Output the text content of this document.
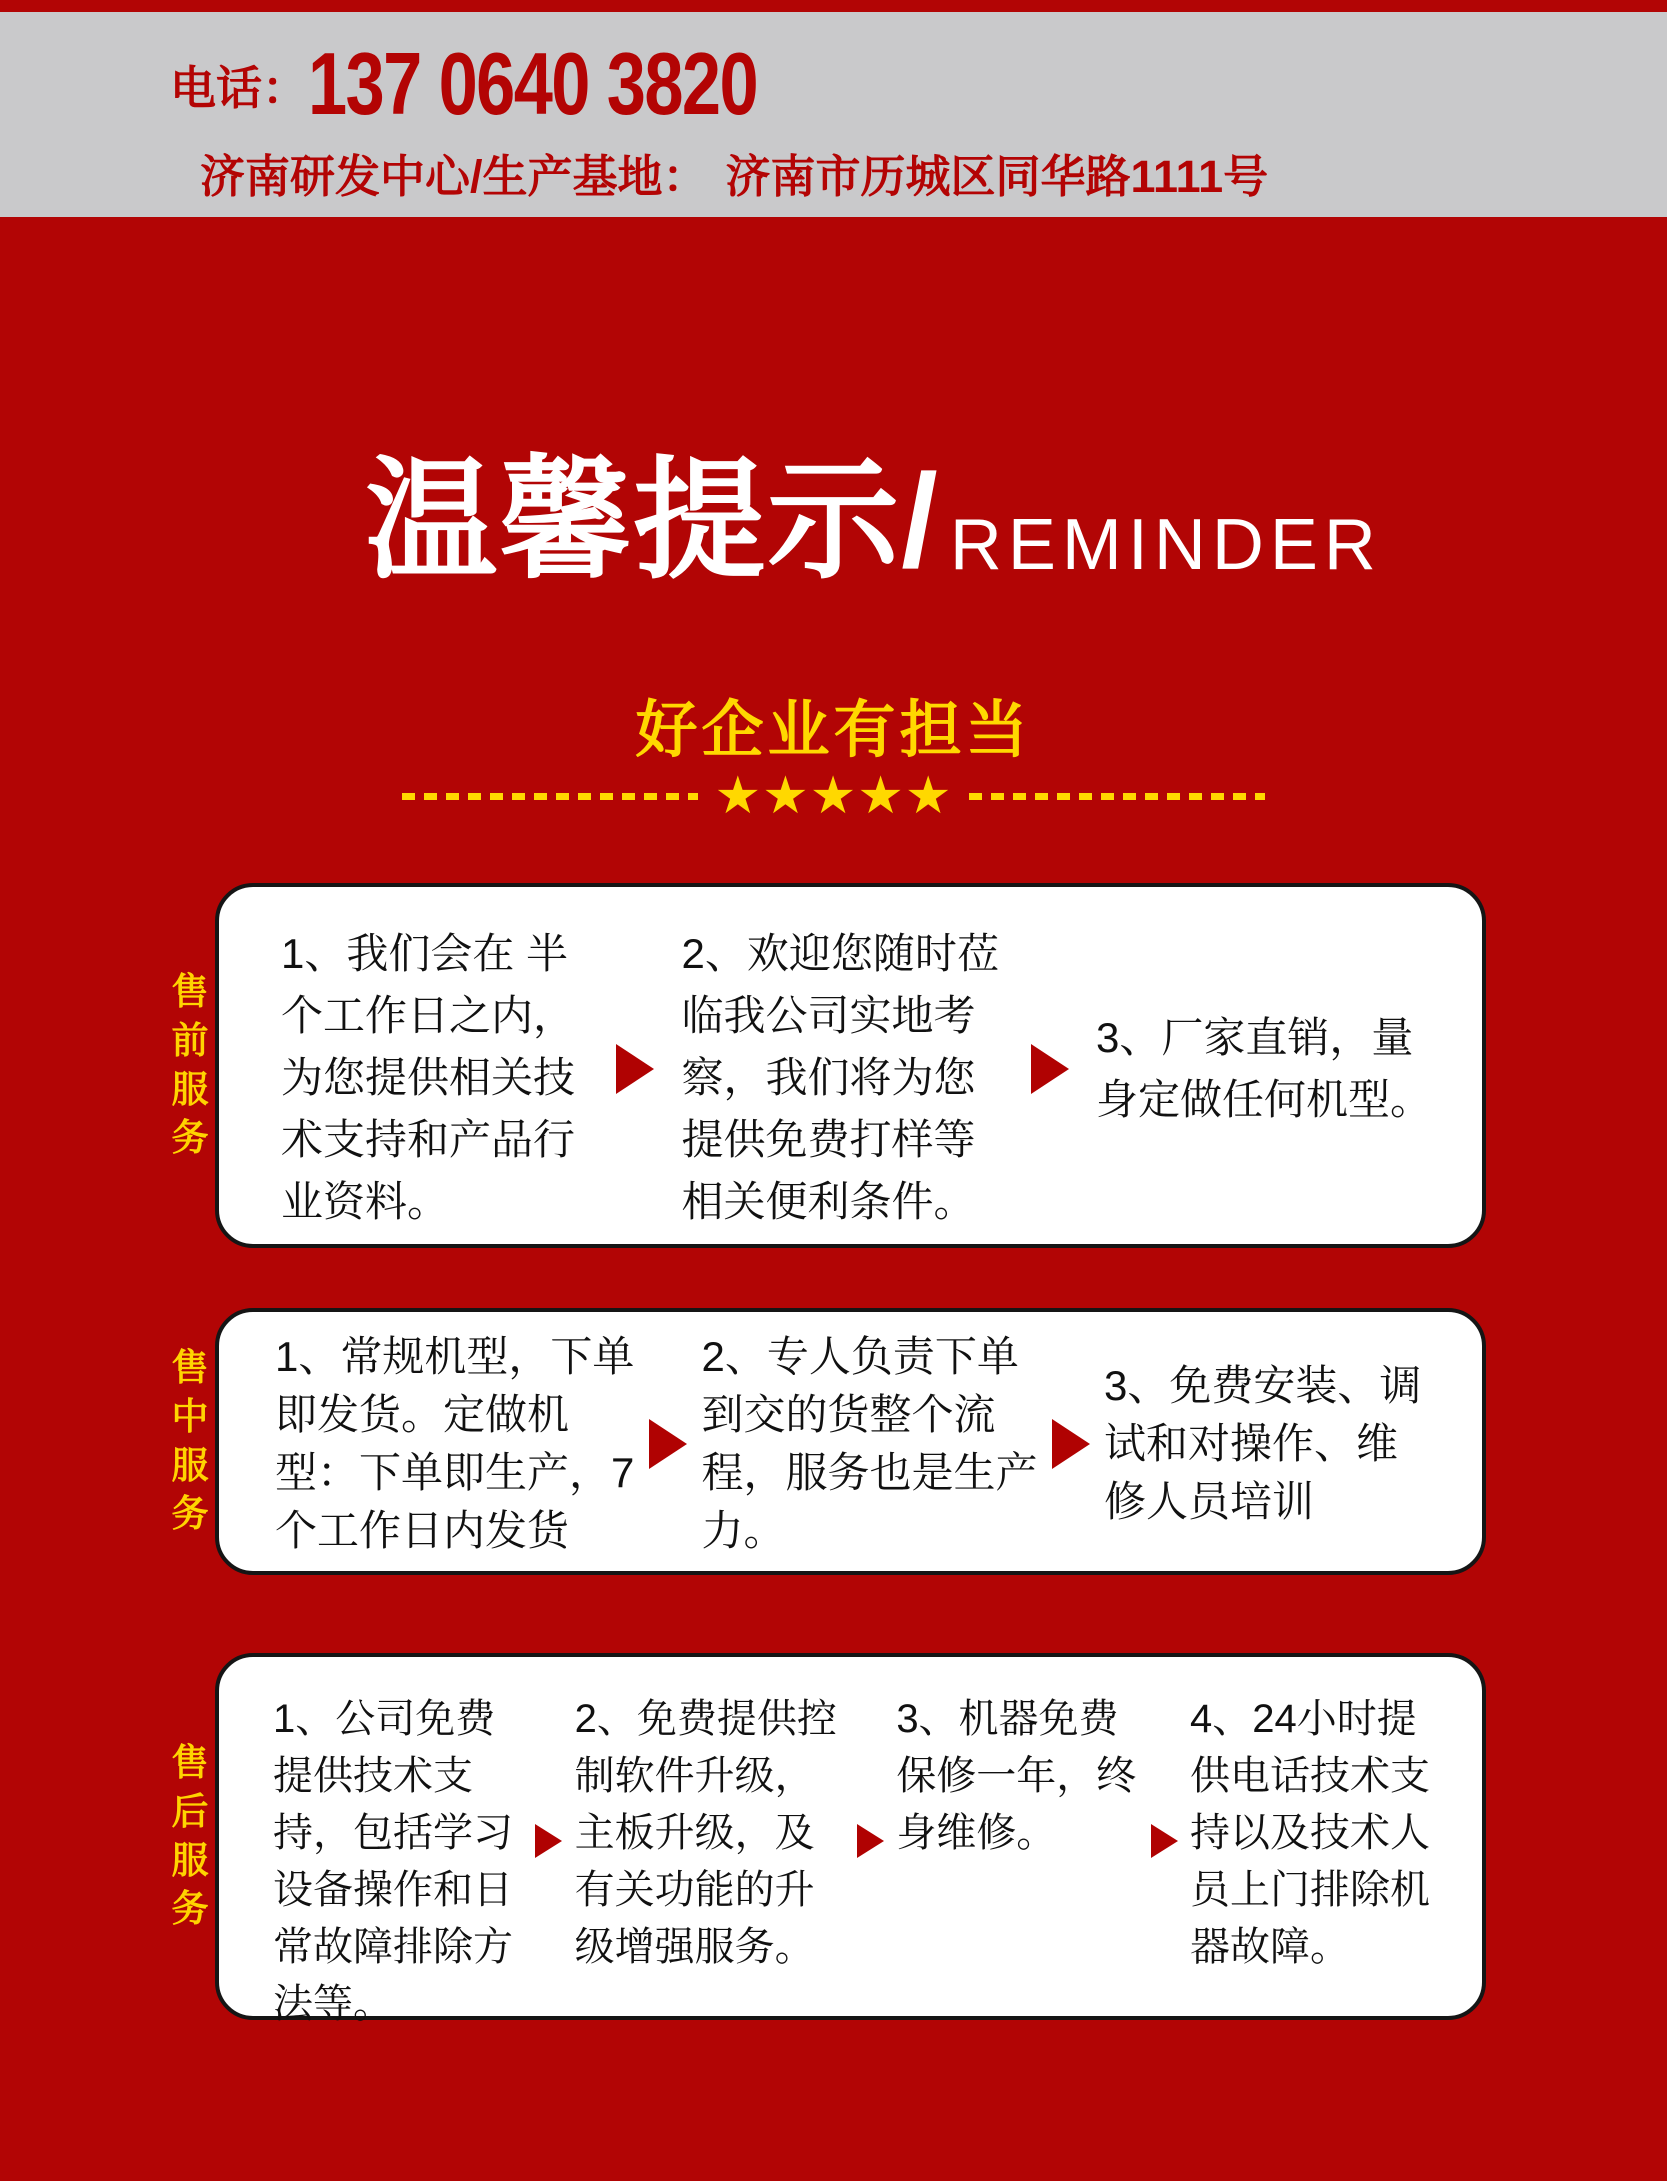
电话： 137 0640 3820
济南研发中心/生产基地： 济南市历城区同华路1111号
温馨提示/ REMINDER
好企业有担当
★★★★★
售前服务
1、我们会在 半个工作日之内，为您提供相关技术支持和产品行业资料。
2、欢迎您随时莅临我公司实地考察，我们将为您提供免费打样等相关便利条件。
3、厂家直销，量身定做任何机型。
售中服务
1、常规机型，下单即发货。定做机型：下单即生产，7个工作日内发货
2、专人负责下单到交的货整个流程，服务也是生产力。
3、免费安装、调试和对操作、维修人员培训
售后服务
1、公司免费提供技术支持，包括学习设备操作和日常故障排除方法等。
2、免费提供控制软件升级，主板升级，及有关功能的升级增强服务。
3、机器免费保修一年，终身维修。
4、24小时提供电话技术支持以及技术人员上门排除机器故障。
